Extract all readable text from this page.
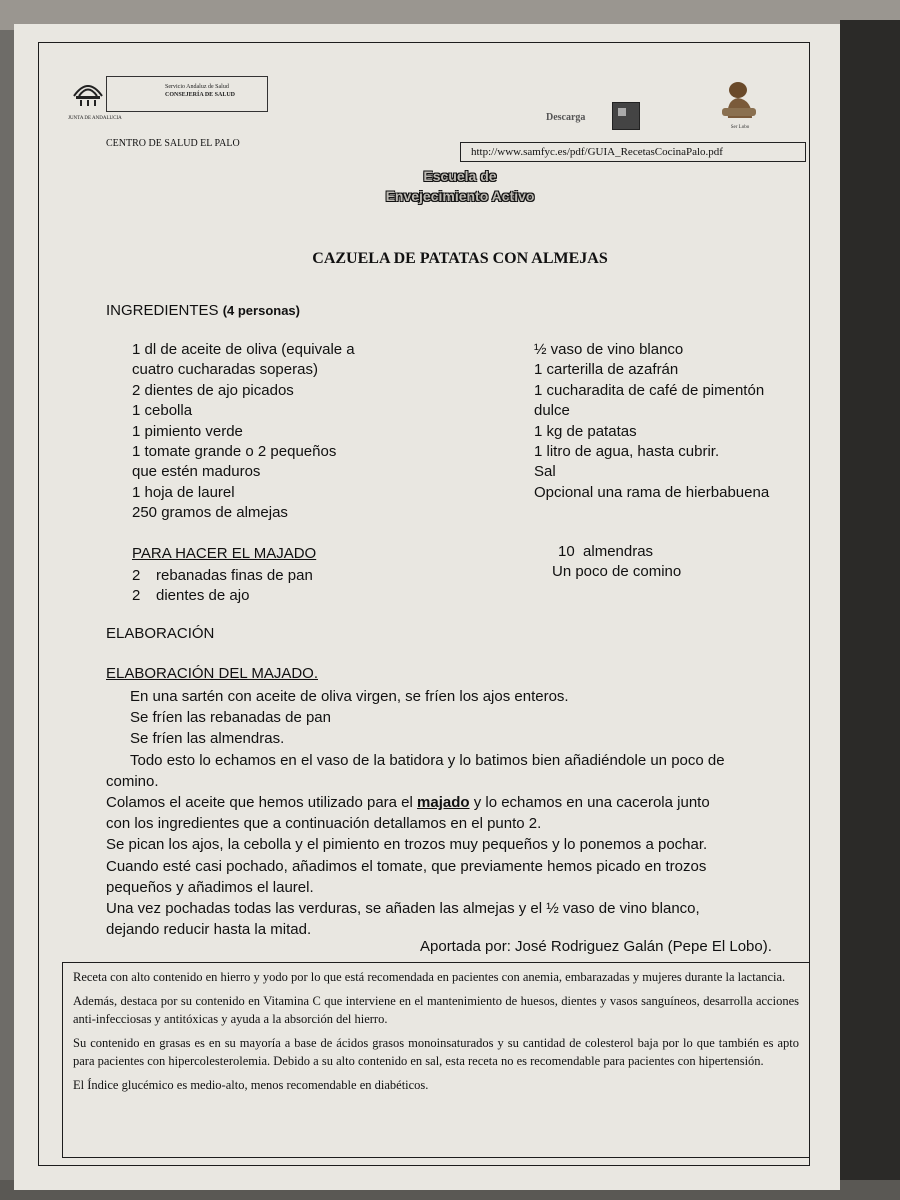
Servicio Andaluz de Salud
CONSEJERÍA DE SALUD
JUNTA DE ANDALUCIA
CENTRO DE SALUD EL PALO
Descarga
Ser Lobo
http://www.samfyc.es/pdf/GUIA_RecetasCocinaPalo.pdf
Escuela de
Envejecimiento Activo
CAZUELA DE PATATAS CON ALMEJAS
INGREDIENTES (4 personas)
1 dl de aceite de oliva (equivale a
cuatro cucharadas soperas)
2 dientes de ajo picados
1 cebolla
1 pimiento verde
1 tomate grande o 2 pequeños
que estén maduros
1 hoja de laurel
250 gramos de almejas
½ vaso de vino blanco
1 carterilla de azafrán
1 cucharadita de café de pimentón
dulce
1 kg de patatas
1 litro de agua, hasta cubrir.
Sal
Opcional una rama de hierbabuena
PARA HACER EL MAJADO
2 rebanadas finas de pan
2 dientes de ajo
10  almendras
Un poco de comino
ELABORACIÓN
ELABORACIÓN DEL MAJADO.
En una sartén con aceite de oliva virgen, se fríen los ajos enteros.
Se fríen las rebanadas de pan
Se fríen las almendras.
Todo esto lo echamos en el vaso de la batidora y lo batimos bien añadiéndole un poco de
comino.
Colamos el aceite que hemos utilizado para el majado y lo echamos en una cacerola junto
con los ingredientes que a continuación detallamos en el punto 2.
Se pican los ajos, la cebolla y el pimiento en trozos muy pequeños y lo ponemos a pochar.
Cuando esté casi pochado, añadimos el tomate, que previamente hemos picado en trozos
pequeños y añadimos el laurel.
Una vez pochadas todas las verduras, se añaden las almejas y el ½ vaso de vino blanco,
dejando reducir hasta la mitad.
Aportada por: José Rodriguez Galán (Pepe El Lobo).

Receta con alto contenido en hierro y yodo por lo que está recomendada en pacientes con anemia, embarazadas y mujeres durante la lactancia.

Además, destaca por su contenido en Vitamina C que interviene en el mantenimiento de huesos, dientes y vasos sanguíneos, desarrolla acciones anti-infecciosas y antitóxicas y ayuda a la absorción del hierro.

Su contenido en grasas es en su mayoría a base de ácidos grasos monoinsaturados y su cantidad de colesterol baja por lo que también es apto para pacientes con hipercolesterolemia. Debido a su alto contenido en sal, esta receta no es recomendable para pacientes con hipertensión.

El Índice glucémico es medio-alto, menos recomendable en diabéticos.
